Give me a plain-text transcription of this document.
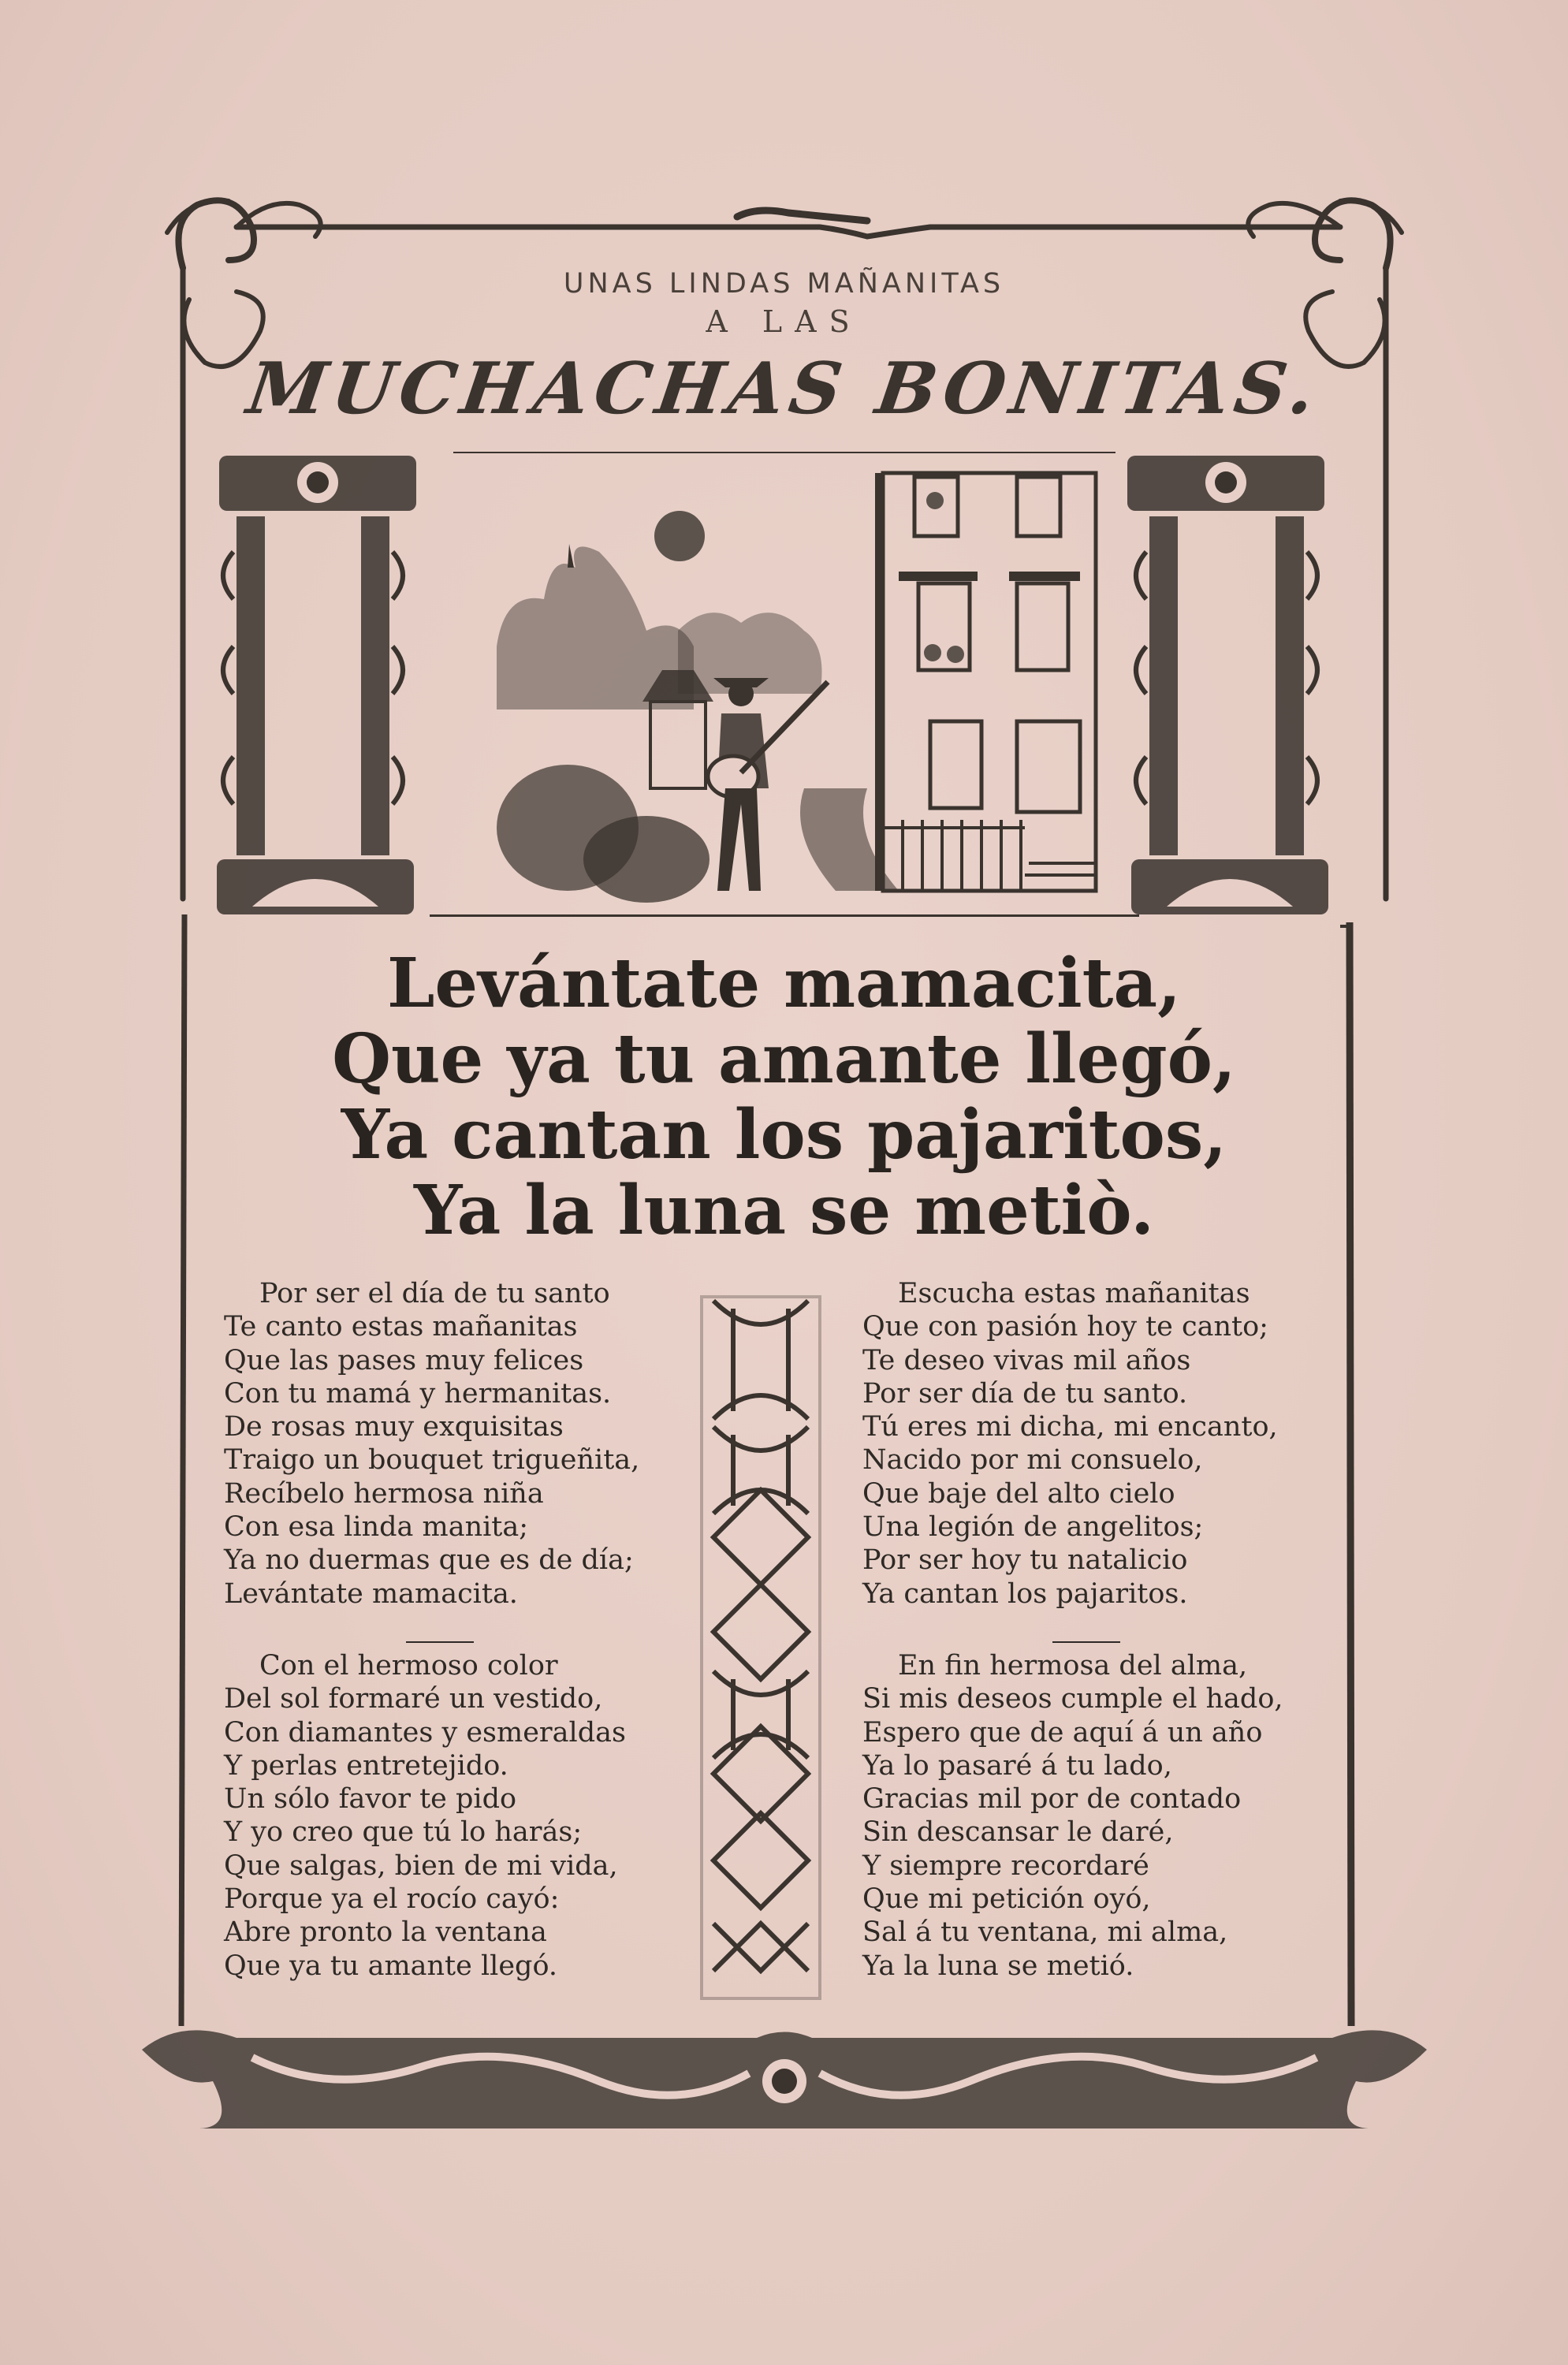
UNAS LINDAS MAÑANITAS
A LAS
MUCHACHAS BONITAS.
Levántate mamacita,
Que ya tu amante llegó,
Ya cantan los pajaritos,
Ya la luna se metiò.
Por ser el día de tu santo
Te canto estas mañanitas
Que las pases muy felices
Con tu mamá y hermanitas.
De rosas muy exquisitas
Traigo un bouquet trigueñita,
Recíbelo hermosa niña
Con esa linda manita;
Ya no duermas que es de día;
Levántate mamacita.
Con el hermoso color
Del sol formaré un vestido,
Con diamantes y esmeraldas
Y perlas entretejido.
Un sólo favor te pido
Y yo creo que tú lo harás;
Que salgas, bien de mi vida,
Porque ya el rocío cayó:
Abre pronto la ventana
Que ya tu amante llegó.
Escucha estas mañanitas
Que con pasión hoy te canto;
Te deseo vivas mil años
Por ser día de tu santo.
Tú eres mi dicha, mi encanto,
Nacido por mi consuelo,
Que baje del alto cielo
Una legión de angelitos;
Por ser hoy tu natalicio
Ya cantan los pajaritos.
En fin hermosa del alma,
Si mis deseos cumple el hado,
Espero que de aquí á un año
Ya lo pasaré á tu lado,
Gracias mil por de contado
Sin descansar le daré,
Y siempre recordaré
Que mi petición oyó,
Sal á tu ventana, mi alma,
Ya la luna se metió.
